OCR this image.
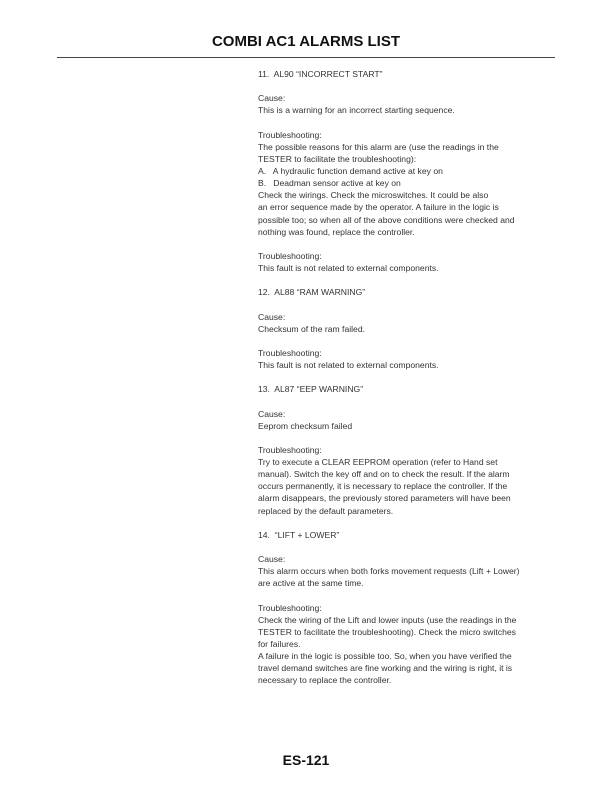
COMBI AC1 ALARMS LIST
11.  AL90 “INCORRECT START”
Cause:
This is a warning for an incorrect starting sequence.
Troubleshooting:
The possible reasons for this alarm are (use the readings in the
TESTER to facilitate the troubleshooting):
A.   A hydraulic function demand active at key on
B.   Deadman sensor active at key on
Check the wirings. Check the microswitches. It could be also
an error sequence made by the operator. A failure in the logic is
possible too; so when all of the above conditions were checked and
nothing was found, replace the controller.
Troubleshooting:
This fault is not related to external components.
12.  AL88 “RAM WARNING”
Cause:
Checksum of the ram failed.
Troubleshooting:
This fault is not related to external components.
13.  AL87 “EEP WARNING”
Cause:
Eeprom checksum failed
Troubleshooting:
Try to execute a CLEAR EEPROM operation (refer to Hand set
manual). Switch the key off and on to check the result. If the alarm
occurs permanently, it is necessary to replace the controller. If the
alarm disappears, the previously stored parameters will have been
replaced by the default parameters.
14.  “LIFT + LOWER”
Cause:
This alarm occurs when both forks movement requests (Lift + Lower)
are active at the same time.
Troubleshooting:
Check the wiring of the Lift and lower inputs (use the readings in the
TESTER to facilitate the troubleshooting). Check the micro switches
for failures.
A failure in the logic is possible too. So, when you have verified the
travel demand switches are fine working and the wiring is right, it is
necessary to replace the controller.
ES-121
